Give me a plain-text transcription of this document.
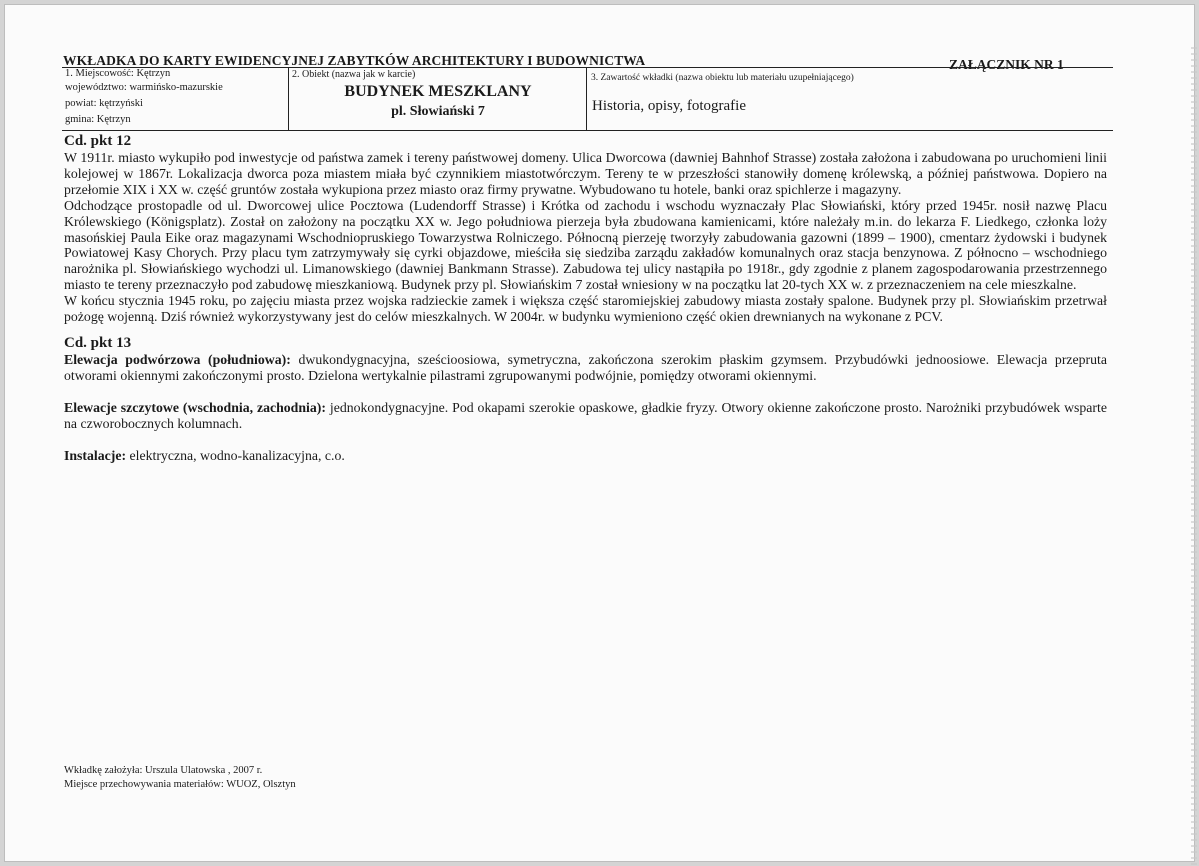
WKŁADKA DO KARTY EWIDENCYJNEJ ZABYTKÓW ARCHITEKTURY I BUDOWNICTWA	ZAŁĄCZNIK NR 1
1. Miejscowość: Kętrzyn
województwo: warmińsko-mazurskie
powiat: kętrzyński
gmina: Kętrzyn
2. Obiekt (nazwa jak w karcie)
BUDYNEK MESZKLANY
pl. Słowiański 7
3. Zawartość wkładki (nazwa obiektu lub materiału uzupełniającego)
Historia, opisy, fotografie
Cd. pkt 12

W 1911r. miasto wykupiło pod inwestycje od państwa zamek i tereny państwowej domeny. Ulica Dworcowa (dawniej Bahnhof Strasse) została założona i zabudowana po uruchomieni linii kolejowej w 1867r. Lokalizacja dworca poza miastem miała być czynnikiem miastotwórczym. Tereny te w przeszłości stanowiły domenę królewską, a później państwowa. Dopiero na przełomie XIX i XX w. część gruntów została wykupiona przez miasto oraz firmy prywatne. Wybudowano tu hotele, banki oraz spichlerze i magazyny.

Odchodzące prostopadle od ul. Dworcowej ulice Pocztowa (Ludendorff Strasse) i Krótka od zachodu i wschodu wyznaczały Plac Słowiański, który przed 1945r. nosił nazwę Placu Królewskiego (Königsplatz). Został on założony na początku XX w. Jego południowa pierzeja była zbudowana kamienicami, które należały m.in. do lekarza F. Liedkego, członka loży masońskiej Paula Eike oraz magazynami Wschodniopruskiego Towarzystwa Rolniczego. Północną pierzeję tworzyły zabudowania gazowni (1899 – 1900), cmentarz żydowski i budynek Powiatowej Kasy Chorych. Przy placu tym zatrzymywały się cyrki objazdowe, mieściła się siedziba zarządu zakładów komunalnych oraz stacja benzynowa. Z północno – wschodniego narożnika pl. Słowiańskiego wychodzi ul. Limanowskiego (dawniej Bankmann Strasse). Zabudowa tej ulicy nastąpiła po 1918r., gdy zgodnie z planem zagospodarowania przestrzennego miasto te tereny przeznaczyło pod zabudowę mieszkaniową. Budynek przy pl. Słowiańskim 7 został wniesiony w na początku lat 20-tych XX w. z przeznaczeniem na cele mieszkalne.

W końcu stycznia 1945 roku, po zajęciu miasta przez wojska radzieckie zamek i większa część staromiejskiej zabudowy miasta zostały spalone. Budynek przy pl. Słowiańskim przetrwał pożogę wojenną. Dziś również wykorzystywany jest do celów mieszkalnych. W 2004r. w budynku wymieniono część okien drewnianych na wykonane z PCV.

Cd. pkt 13

Elewacja podwórzowa (południowa): dwukondygnacyjna, sześcioosiowa, symetryczna, zakończona szerokim płaskim gzymsem. Przybudówki jednoosiowe. Elewacja przepruta otworami okiennymi zakończonymi prosto. Dzielona wertykalnie pilastrami zgrupowanymi podwójnie, pomiędzy otworami okiennymi.

Elewacje szczytowe (wschodnia, zachodnia): jednokondygnacyjne. Pod okapami szerokie opaskowe, gładkie fryzy. Otwory okienne zakończone prosto. Narożniki przybudówek wsparte na czworobocznych kolumnach.

Instalacje: elektryczna, wodno-kanalizacyjna, c.o.

Wkładkę założyła: Urszula Ulatowska , 2007 r.
Miejsce przechowywania materiałów: WUOZ, Olsztyn
